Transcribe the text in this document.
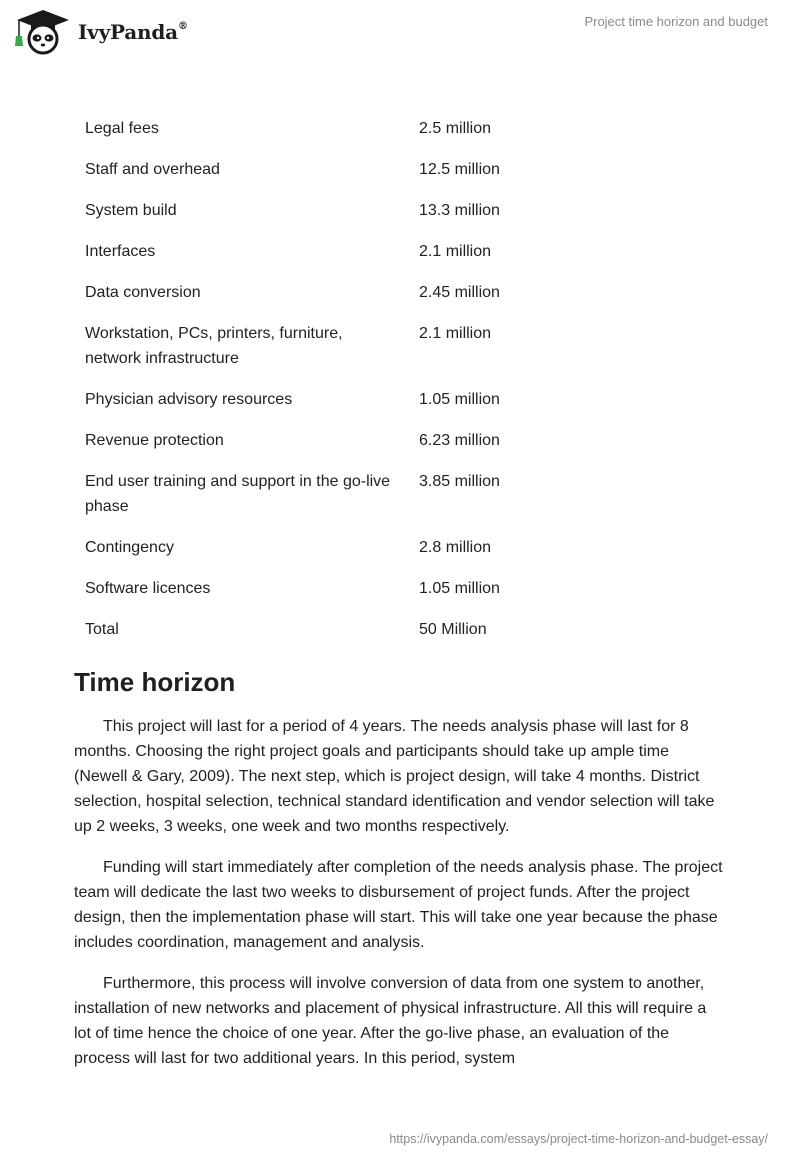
IvyPanda®	Project time horizon and budget
Legal fees	2.5 million
Staff and overhead	12.5 million
System build	13.3 million
Interfaces	2.1 million
Data conversion	2.45 million
Workstation, PCs, printers, furniture, network infrastructure	2.1 million
Physician advisory resources	1.05 million
Revenue protection	6.23 million
End user training and support in the go-live phase	3.85 million
Contingency	2.8 million
Software licences	1.05 million
Total	50 Million
Time horizon

This project will last for a period of 4 years. The needs analysis phase will last for 8 months. Choosing the right project goals and participants should take up ample time (Newell & Gary, 2009). The next step, which is project design, will take 4 months. District selection, hospital selection, technical standard identification and vendor selection will take up 2 weeks, 3 weeks, one week and two months respectively.

Funding will start immediately after completion of the needs analysis phase. The project team will dedicate the last two weeks to disbursement of project funds. After the project design, then the implementation phase will start. This will take one year because the phase includes coordination, management and analysis.

Furthermore, this process will involve conversion of data from one system to another, installation of new networks and placement of physical infrastructure. All this will require a lot of time hence the choice of one year. After the go-live phase, an evaluation of the process will last for two additional years. In this period, system

https://ivypanda.com/essays/project-time-horizon-and-budget-essay/
